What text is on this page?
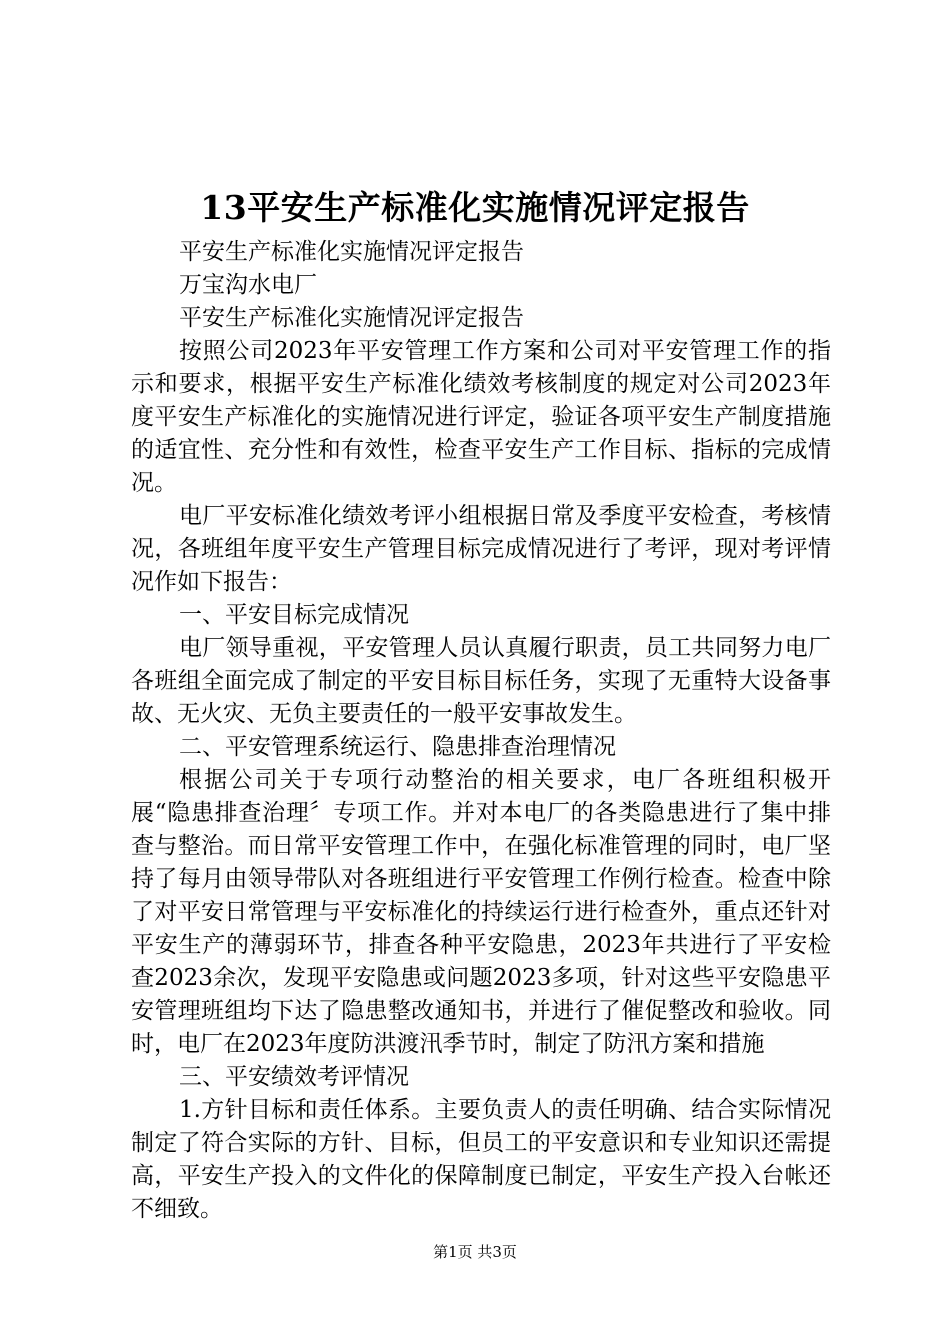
13平安生产标准化实施情况评定报告

平安生产标准化实施情况评定报告

万宝沟水电厂

平安生产标准化实施情况评定报告

按照公司2023年平安管理工作方案和公司对平安管理工作的指示和要求，根据平安生产标准化绩效考核制度的规定对公司2023年度平安生产标准化的实施情况进行评定，验证各项平安生产制度措施的适宜性、充分性和有效性，检查平安生产工作目标、指标的完成情况。

电厂平安标准化绩效考评小组根据日常及季度平安检查，考核情况，各班组年度平安生产管理目标完成情况进行了考评，现对考评情况作如下报告：

一、平安目标完成情况

电厂领导重视，平安管理人员认真履行职责，员工共同努力电厂各班组全面完成了制定的平安目标目标任务，实现了无重特大设备事故、无火灾、无负主要责任的一般平安事故发生。

二、平安管理系统运行、隐患排查治理情况

根据公司关于专项行动整治的相关要求，电厂各班组积极开展“隐患排查治理〞专项工作。并对本电厂的各类隐患进行了集中排查与整治。而日常平安管理工作中，在强化标准管理的同时，电厂坚持了每月由领导带队对各班组进行平安管理工作例行检查。检查中除了对平安日常管理与平安标准化的持续运行进行检查外，重点还针对平安生产的薄弱环节，排查各种平安隐患，2023年共进行了平安检查2023余次，发现平安隐患或问题2023多项，针对这些平安隐患平安管理班组均下达了隐患整改通知书，并进行了催促整改和验收。同时，电厂在2023年度防洪渡汛季节时，制定了防汛方案和措施

三、平安绩效考评情况

1.方针目标和责任体系。主要负责人的责任明确、结合实际情况制定了符合实际的方针、目标，但员工的平安意识和专业知识还需提高，平安生产投入的文件化的保障制度已制定，平安生产投入台帐还不细致。

第1页 共3页
